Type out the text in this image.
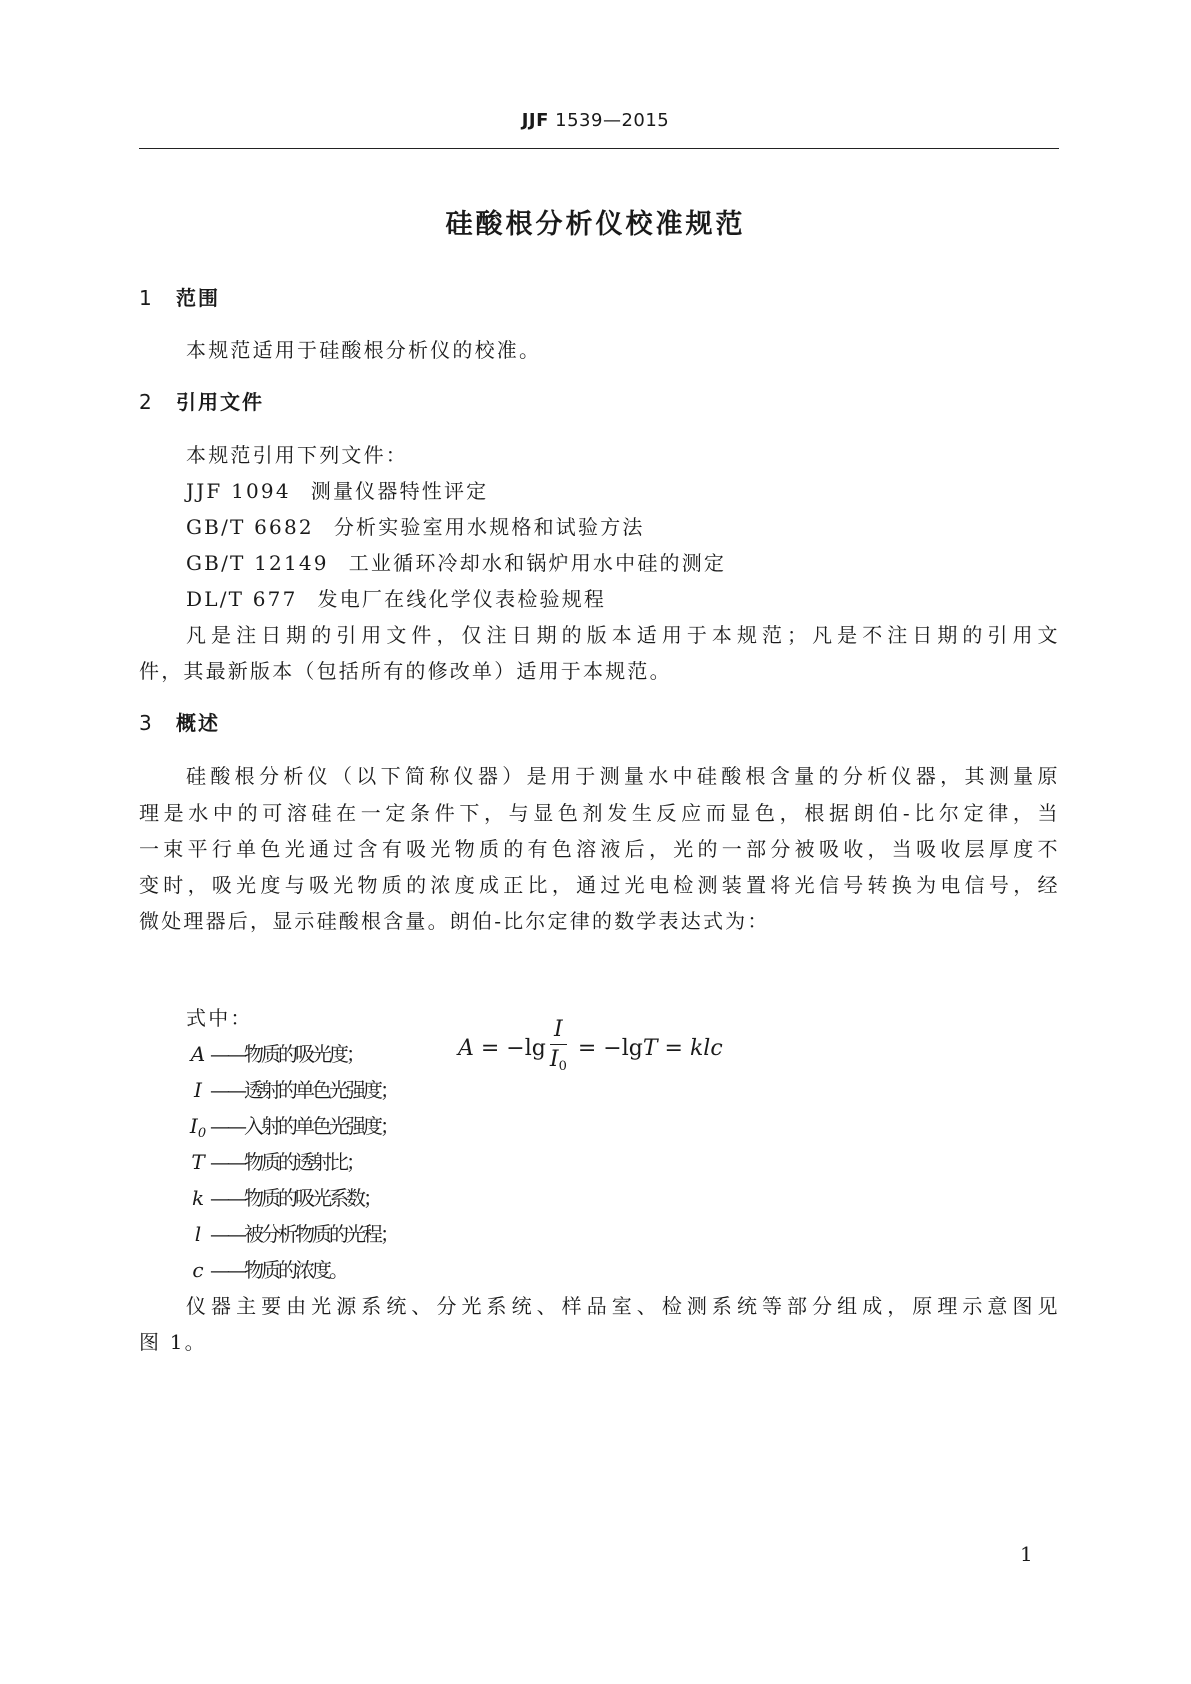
JJF 1539—2015
硅酸根分析仪校准规范
1 范围
本规范适用于硅酸根分析仪的校准。
2 引用文件
本规范引用下列文件：
JJF 1094 测量仪器特性评定
GB/T 6682 分析实验室用水规格和试验方法
GB/T 12149 工业循环冷却水和锅炉用水中硅的测定
DL/T 677 发电厂在线化学仪表检验规程
凡是注日期的引用文件，仅注日期的版本适用于本规范；凡是不注日期的引用文
件，其最新版本（包括所有的修改单）适用于本规范。
3 概述
硅酸根分析仪（以下简称仪器）是用于测量水中硅酸根含量的分析仪器，其测量原
理是水中的可溶硅在一定条件下，与显色剂发生反应而显色，根据朗伯-比尔定律，当
一束平行单色光通过含有吸光物质的有色溶液后，光的一部分被吸收，当吸收层厚度不
变时，吸光度与吸光物质的浓度成正比，通过光电检测装置将光信号转换为电信号，经
微处理器后，显示硅酸根含量。朗伯-比尔定律的数学表达式为：
$A = -\lg \frac{I}{I_0} = -\lg T$ = klc
式中：
A ——物质的吸光度；
I ——透射的单色光强度；
$I_0$ ——入射的单色光强度；
T ——物质的透射比；
k ——物质的吸光系数；
l ——被分析物质的光程；
c ——物质的浓度。
仪器主要由光源系统、分光系统、样品室、检测系统等部分组成，原理示意图见
图 1。
1
